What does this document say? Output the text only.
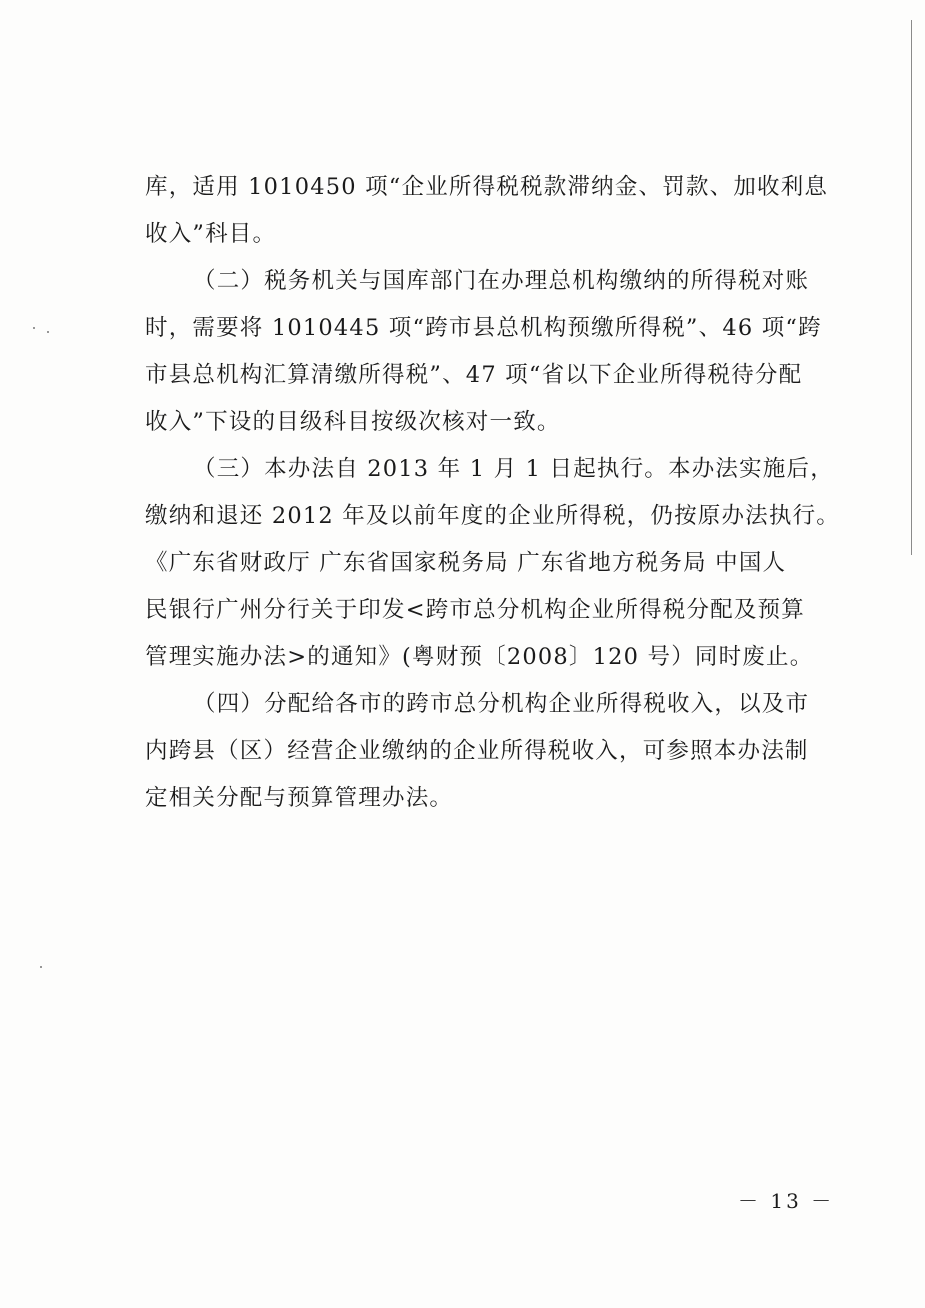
库，适用 1010450 项“企业所得税税款滞纳金、罚款、加收利息
收入”科目。
（二）税务机关与国库部门在办理总机构缴纳的所得税对账
时，需要将 1010445 项“跨市县总机构预缴所得税”、46 项“跨
市县总机构汇算清缴所得税”、47 项“省以下企业所得税待分配
收入”下设的目级科目按级次核对一致。
（三）本办法自 2013 年 1 月 1 日起执行。本办法实施后，
缴纳和退还 2012 年及以前年度的企业所得税，仍按原办法执行。
《广东省财政厅 广东省国家税务局 广东省地方税务局 中国人
民银行广州分行关于印发<跨市总分机构企业所得税分配及预算
管理实施办法>的通知》(粤财预〔2008〕120 号）同时废止。
（四）分配给各市的跨市总分机构企业所得税收入，以及市
内跨县（区）经营企业缴纳的企业所得税收入，可参照本办法制
定相关分配与预算管理办法。
－ 13 －
